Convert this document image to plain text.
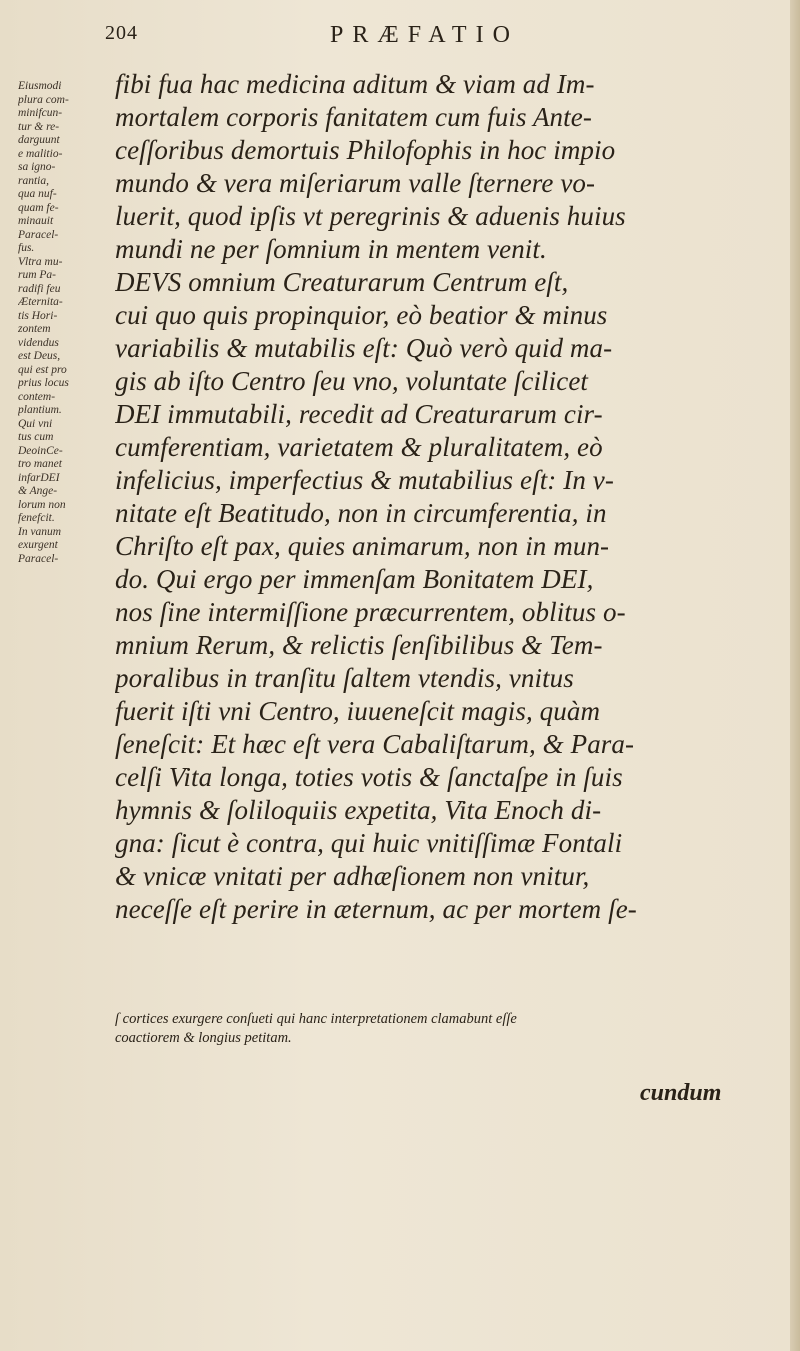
204	PRÆFATIO
Eiusmodi
plura com-
minifcun-
tur & re-
darguunt
e malitio-
sa igno-
rantia,
qua nuf-
quam fe-
minauit
Paracel-
fus.
Vltra mu-
rum Pa-
radifi feu
Æternita-
tis Hori-
zontem
videndus
est Deus,
qui est pro
prius locus
contem-
plantium.
Qui vni
tus cum
DeoinCe-
tro manet
infarDEI
& Ange-
lorum non
fenefcit.
In vanum
exurgent
Paracel-
fibi fua hac medicina aditum & viam ad Im-
mortalem corporis fanitatem cum fuis Ante-
ceſſoribus demortuis Philofophis in hoc impio
mundo & vera miſeriarum valle ſternere vo-
luerit, quod ipſis vt peregrinis & aduenis huius
mundi ne per ſomnium in mentem venit.
DEVS omnium Creaturarum Centrum eſt,
cui quo quis propinquior, eò beatior & minus
variabilis & mutabilis eſt: Quò verò quid ma-
gis ab iſto Centro ſeu vno, voluntate ſcilicet
DEI immutabili, recedit ad Creaturarum cir-
cumferentiam, varietatem & pluralitatem, eò
infelicius, imperfectius & mutabilius eſt: In v-
nitate eſt Beatitudo, non in circumferentia, in
Chriſto eſt pax, quies animarum, non in mun-
do. Qui ergo per immenſam Bonitatem DEI,
nos ſine intermiſſione præcurrentem, oblitus o-
mnium Rerum, & relictis ſenſibilibus & Tem-
poralibus in tranſitu ſaltem vtendis, vnitus
fuerit iſti vni Centro, iuueneſcit magis, quàm
ſeneſcit: Et hæc eſt vera Cabaliſtarum, & Para-
celſi Vita longa, toties votis & ſanctaſpe in ſuis
hymnis & ſoliloquiis expetita, Vita Enoch di-
gna: ſicut è contra, qui huic vnitiſſimæ Fontali
& vnicæ vnitati per adhæſionem non vnitur,
neceſſe eſt perire in æternum, ac per mortem ſe-
ſ cortices exurgere conſueti qui hanc interpretationem clamabunt eſſe
coactiorem & longius petitam.
cundum
